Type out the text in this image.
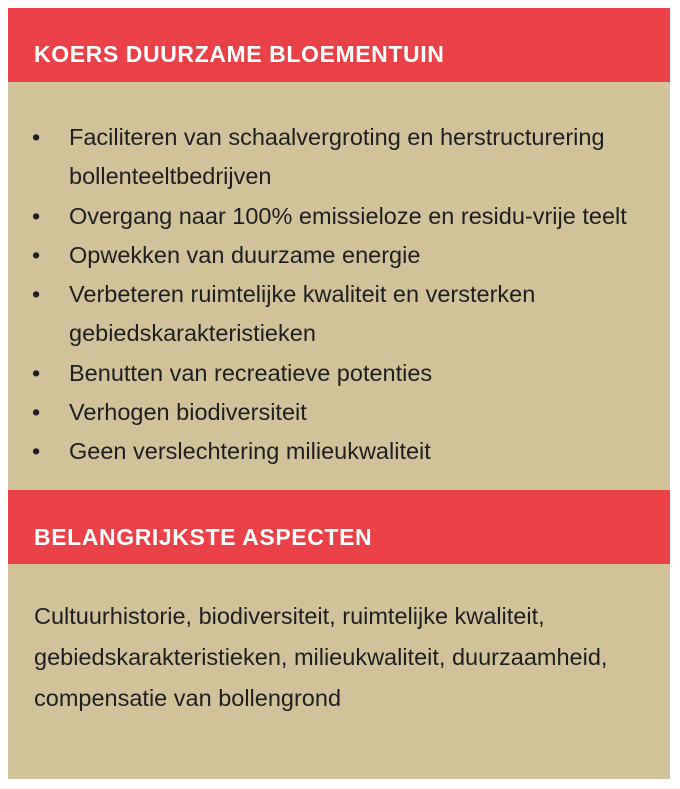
KOERS DUURZAME BLOEMENTUIN
• Faciliteren van schaalvergroting en herstructurering bollenteeltbedrijven
• Overgang naar 100% emissieloze en residu-vrije teelt
• Opwekken van duurzame energie
• Verbeteren ruimtelijke kwaliteit en versterken gebiedskarakteristieken
• Benutten van recreatieve potenties
• Verhogen biodiversiteit
• Geen verslechtering milieukwaliteit
BELANGRIJKSTE ASPECTEN

Cultuurhistorie, biodiversiteit, ruimtelijke kwaliteit, gebiedskarakteristieken, milieukwaliteit, duurzaamheid, compensatie van bollengrond
